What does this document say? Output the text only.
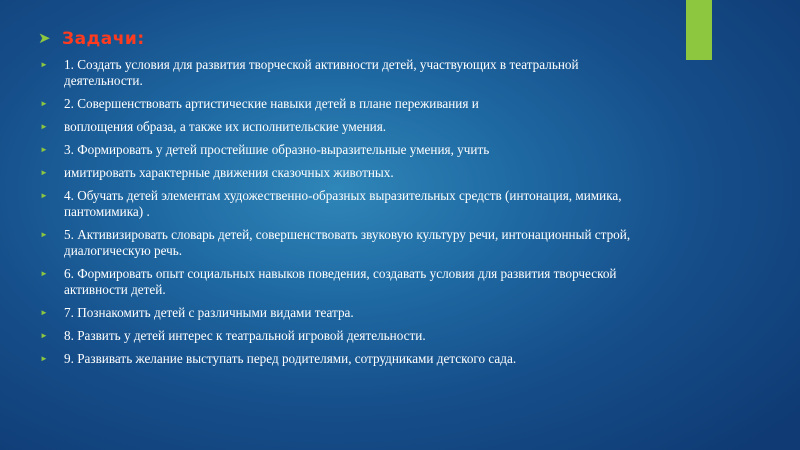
➤ Задачи:
►	1. Создать условия для развития творческой активности детей, участвующих в театральной деятельности.
►	2. Совершенствовать артистические навыки детей в плане переживания и
►	воплощения образа, а также их исполнительские умения.
►	3. Формировать у детей простейшие образно-выразительные умения, учить
►	имитировать характерные движения сказочных животных.
►	4. Обучать детей элементам художественно-образных выразительных средств (интонация, мимика, пантомимика) .
►	5. Активизировать словарь детей, совершенствовать звуковую культуру речи, интонационный строй, диалогическую речь.
►	6. Формировать опыт социальных навыков поведения, создавать условия для развития творческой активности детей.
►	7. Познакомить детей с различными видами театра.
►	8. Развить у детей интерес к театральной игровой деятельности.
►	9. Развивать желание выступать перед родителями, сотрудниками детского сада.
